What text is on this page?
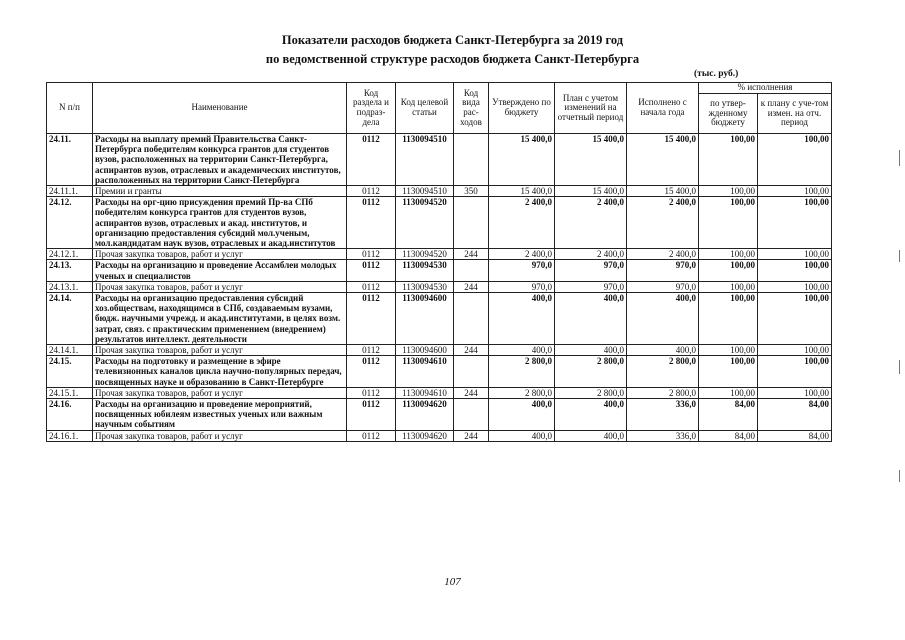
Показатели расходов бюджета Санкт-Петербурга за 2019 год
по ведомственной структуре расходов бюджета Санкт-Петербурга
(тыс. руб.)
N п/п	Наименование	Код раздела и подраз-дела	Код целевой статьи	Код вида рас-ходов	Утверждено по бюджету	План с учетом изменений на отчетный период	Исполнено с начала года	% исполнения	
								по утвер-жденному бюджету	к плану с уче-том измен. на отч. период
24.11.	Расходы на выплату премий Правительства Санкт-Петербурга победителям конкурса грантов для студентов вузов, расположенных на территории Санкт-Петербурга, аспирантов вузов, отраслевых и академических институтов, расположенных на территории Санкт-Петербурга	0112	1130094510		15 400,0	15 400,0	15 400,0	100,00	100,00
24.11.1.	Премии и гранты	0112	1130094510	350	15 400,0	15 400,0	15 400,0	100,00	100,00
24.12.	Расходы на орг-цию присуждения премий Пр-ва СПб победителям конкурса грантов для студентов вузов, аспирантов вузов, отраслевых и акад. институтов, и организацию предоставления субсидий мол.ученым, мол.кандидатам наук вузов, отраслевых и акад.институтов	0112	1130094520		2 400,0	2 400,0	2 400,0	100,00	100,00
24.12.1.	Прочая закупка товаров, работ и услуг	0112	1130094520	244	2 400,0	2 400,0	2 400,0	100,00	100,00
24.13.	Расходы на организацию и проведение Ассамблеи молодых ученых и специалистов	0112	1130094530		970,0	970,0	970,0	100,00	100,00
24.13.1.	Прочая закупка товаров, работ и услуг	0112	1130094530	244	970,0	970,0	970,0	100,00	100,00
24.14.	Расходы на организацию предоставления субсидий хоз.обществам, находящимся в СПб, создаваемым вузами, бюдж. научными учрежд. и акад.институтами, в целях возм. затрат, связ. с практическим применением (внедрением) результатов интеллект. деятельности	0112	1130094600		400,0	400,0	400,0	100,00	100,00
24.14.1.	Прочая закупка товаров, работ и услуг	0112	1130094600	244	400,0	400,0	400,0	100,00	100,00
24.15.	Расходы на подготовку и размещение в эфире телевизионных каналов цикла научно-популярных передач, посвященных науке и образованию в Санкт-Петербурге	0112	1130094610		2 800,0	2 800,0	2 800,0	100,00	100,00
24.15.1.	Прочая закупка товаров, работ и услуг	0112	1130094610	244	2 800,0	2 800,0	2 800,0	100,00	100,00
24.16.	Расходы на организацию и проведение мероприятий, посвященных юбилеям известных ученых или важным научным событиям	0112	1130094620		400,0	400,0	336,0	84,00	84,00
24.16.1.	Прочая закупка товаров, работ и услуг	0112	1130094620	244	400,0	400,0	336,0	84,00	84,00
107
